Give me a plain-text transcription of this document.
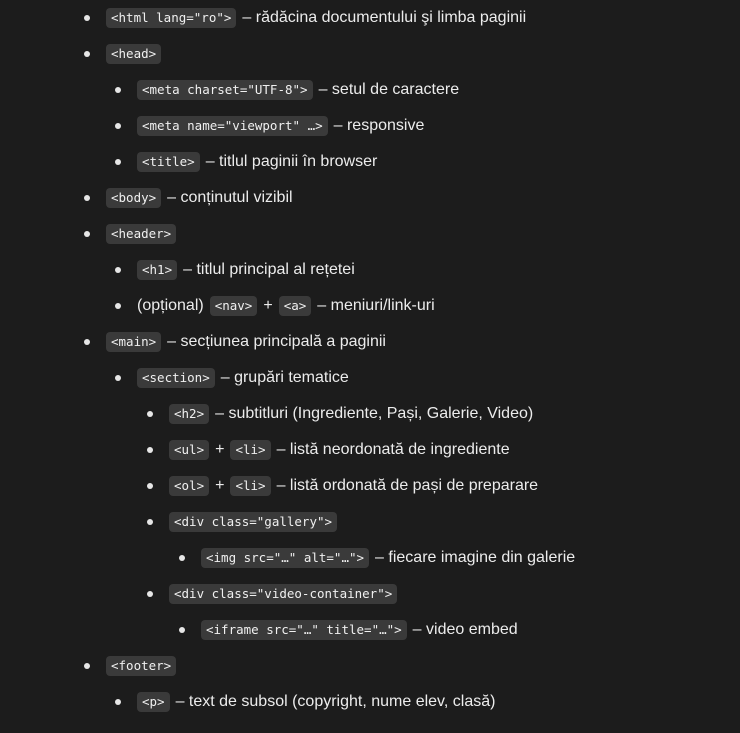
<html lang="ro"> – rădăcina documentului şi limba paginii
<head>
<meta charset="UTF-8"> – setul de caractere
<meta name="viewport" …> – responsive
<title> – titlul paginii în browser
<body> – conținutul vizibil
<header>
<h1> – titlul principal al rețetei
(opțional) <nav> + <a> – meniuri/link-uri
<main> – secțiunea principală a paginii
<section> – grupări tematice
<h2> – subtitluri (Ingrediente, Pași, Galerie, Video)
<ul> + <li> – listă neordonată de ingrediente
<ol> + <li> – listă ordonată de pași de preparare
<div class="gallery">
<img src="…" alt="…"> – fiecare imagine din galerie
<div class="video-container">
<iframe src="…" title="…"> – video embed
<footer>
<p> – text de subsol (copyright, nume elev, clasă)
